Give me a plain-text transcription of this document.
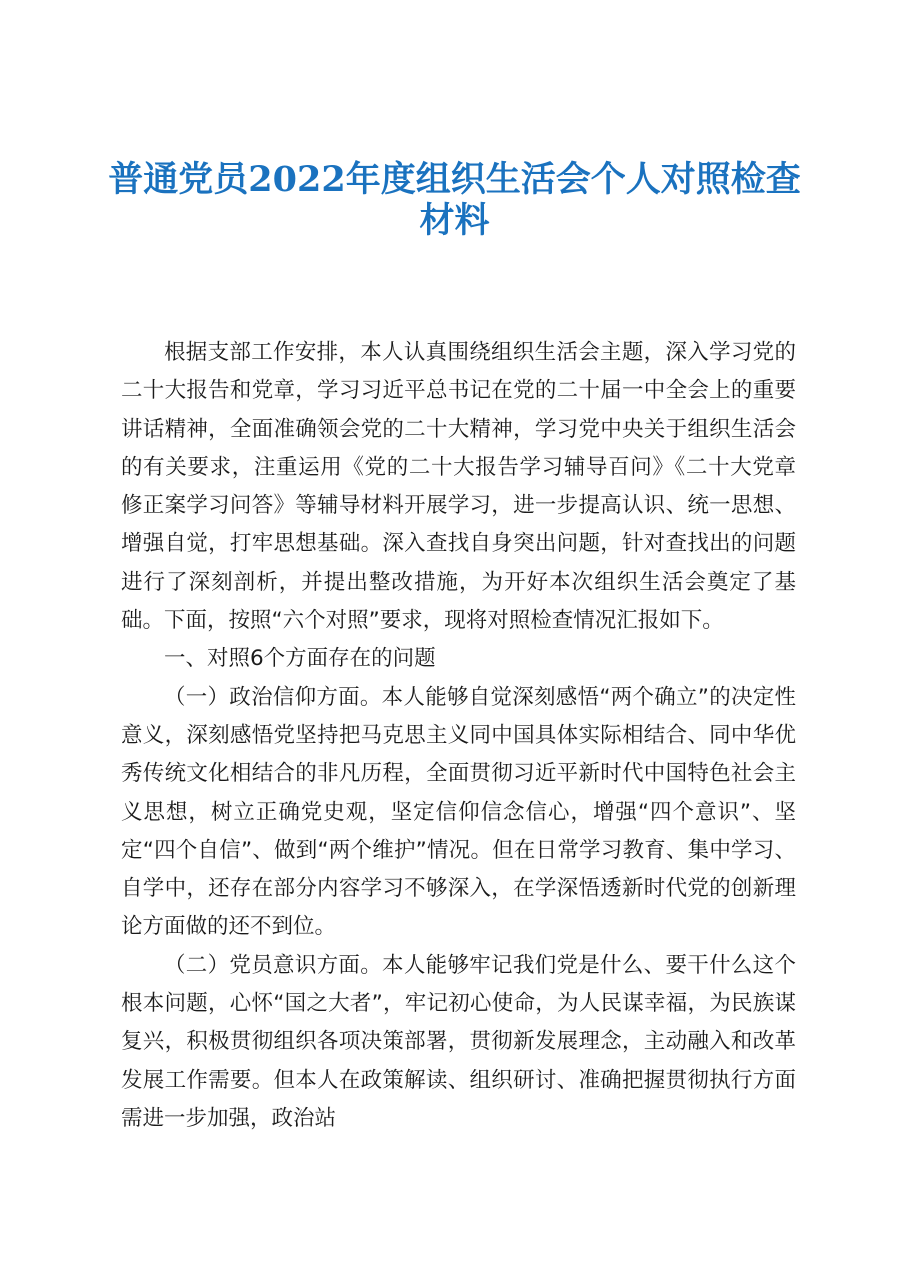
普通党员2022年度组织生活会个人对照检查
材料

根据支部工作安排，本人认真围绕组织生活会主题，深入学习党的二十大报告和党章，学习习近平总书记在党的二十届一中全会上的重要讲话精神，全面准确领会党的二十大精神，学习党中央关于组织生活会的有关要求，注重运用《党的二十大报告学习辅导百问》《二十大党章修正案学习问答》等辅导材料开展学习，进一步提高认识、统一思想、增强自觉，打牢思想基础。深入查找自身突出问题，针对查找出的问题进行了深刻剖析，并提出整改措施，为开好本次组织生活会奠定了基础。下面，按照“六个对照”要求，现将对照检查情况汇报如下。

一、对照6个方面存在的问题

（一）政治信仰方面。本人能够自觉深刻感悟“两个确立”的决定性意义，深刻感悟党坚持把马克思主义同中国具体实际相结合、同中华优秀传统文化相结合的非凡历程，全面贯彻习近平新时代中国特色社会主义思想，树立正确党史观，坚定信仰信念信心，增强“四个意识”、坚定“四个自信”、做到“两个维护”情况。但在日常学习教育、集中学习、自学中，还存在部分内容学习不够深入，在学深悟透新时代党的创新理论方面做的还不到位。

（二）党员意识方面。本人能够牢记我们党是什么、要干什么这个根本问题，心怀“国之大者”，牢记初心使命，为人民谋幸福，为民族谋复兴，积极贯彻组织各项决策部署，贯彻新发展理念，主动融入和改革发展工作需要。但本人在政策解读、组织研讨、准确把握贯彻执行方面需进一步加强，政治站
